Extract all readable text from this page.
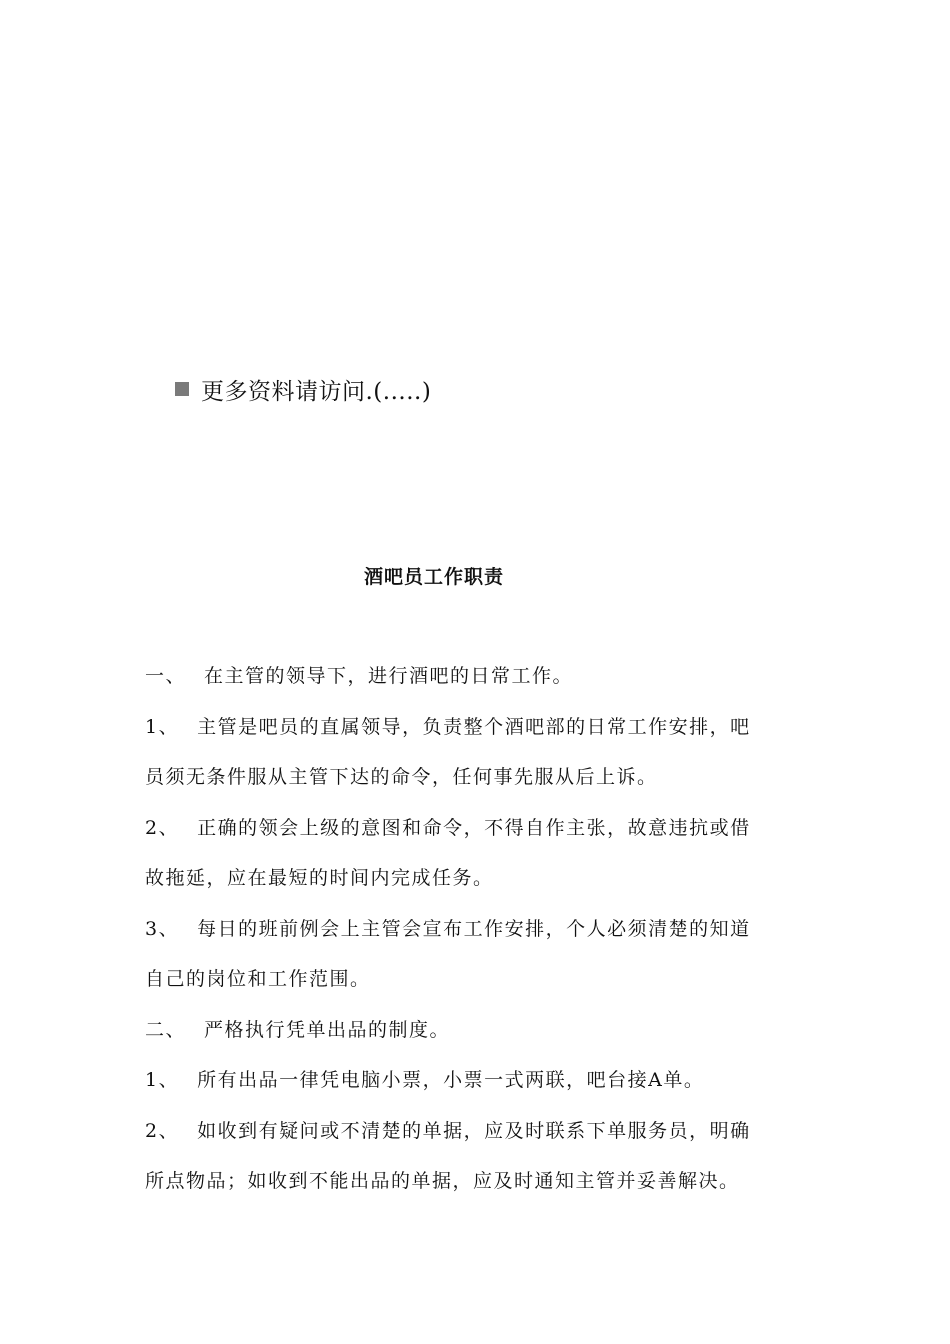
更多资料请访问.(.....)
酒吧员工作职责
一、 在主管的领导下，进行酒吧的日常工作。
1、 主管是吧员的直属领导，负责整个酒吧部的日常工作安排，吧
员须无条件服从主管下达的命令，任何事先服从后上诉。
2、 正确的领会上级的意图和命令，不得自作主张，故意违抗或借
故拖延，应在最短的时间内完成任务。
3、 每日的班前例会上主管会宣布工作安排，个人必须清楚的知道
自己的岗位和工作范围。
二、 严格执行凭单出品的制度。
1、 所有出品一律凭电脑小票，小票一式两联，吧台接A单。
2、 如收到有疑问或不清楚的单据，应及时联系下单服务员，明确
所点物品；如收到不能出品的单据，应及时通知主管并妥善解决。
